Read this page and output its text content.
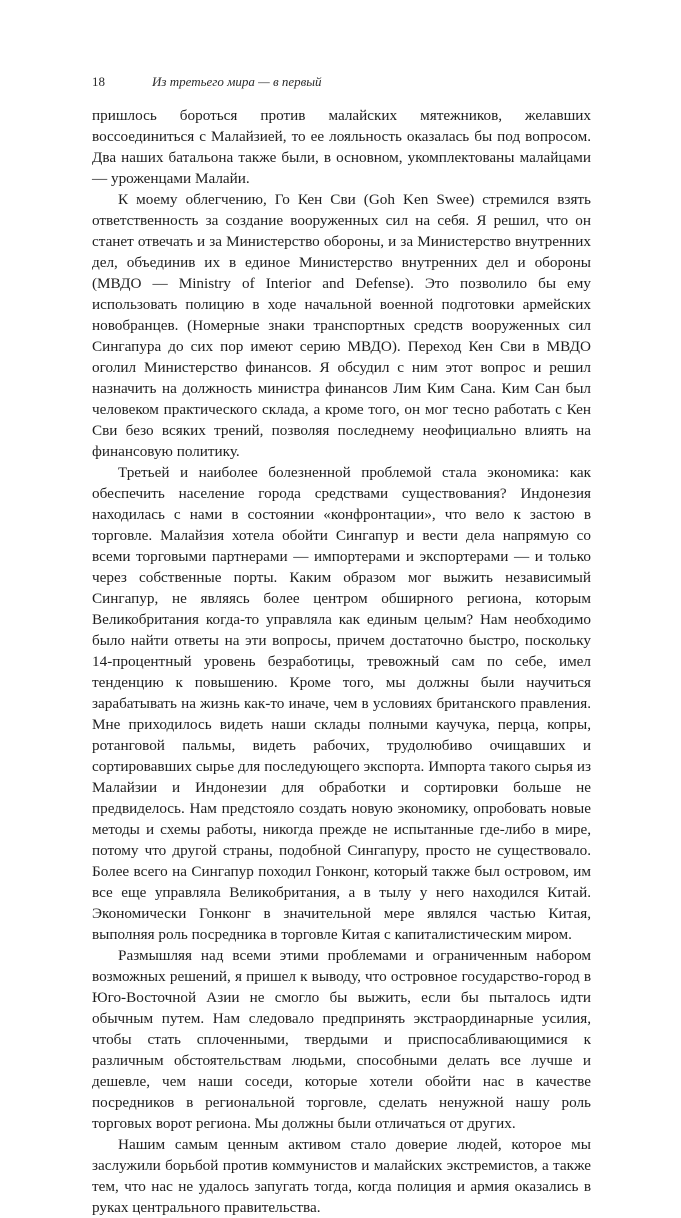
18	Из третьего мира — в первый

пришлось бороться против малайских мятежников, желавших воссоединиться с Малайзией, то ее лояльность оказалась бы под вопросом. Два наших батальона также были, в основном, укомплектованы малайцами — уроженцами Малайи.

К моему облегчению, Го Кен Сви (Goh Ken Swee) стремился взять ответственность за создание вооруженных сил на себя. Я решил, что он станет отвечать и за Министерство обороны, и за Министерство внутренних дел, объединив их в единое Министерство внутренних дел и обороны (МВДО — Ministry of Interior and Defense). Это позволило бы ему использовать полицию в ходе начальной военной подготовки армейских новобранцев. (Номерные знаки транспортных средств вооруженных сил Сингапура до сих пор имеют серию МВДО). Переход Кен Сви в МВДО оголил Министерство финансов. Я обсудил с ним этот вопрос и решил назначить на должность министра финансов Лим Ким Сана. Ким Сан был человеком практического склада, а кроме того, он мог тесно работать с Кен Сви безо всяких трений, позволяя последнему неофициально влиять на финансовую политику.

Третьей и наиболее болезненной проблемой стала экономика: как обеспечить население города средствами существования? Индонезия находилась с нами в состоянии «конфронтации», что вело к застою в торговле. Малайзия хотела обойти Сингапур и вести дела напрямую со всеми торговыми партнерами — импортерами и экспортерами — и только через собственные порты. Каким образом мог выжить независимый Сингапур, не являясь более центром обширного региона, которым Великобритания когда-то управляла как единым целым? Нам необходимо было найти ответы на эти вопросы, причем достаточно быстро, поскольку 14-процентный уровень безработицы, тревожный сам по себе, имел тенденцию к повышению. Кроме того, мы должны были научиться зарабатывать на жизнь как-то иначе, чем в условиях британского правления. Мне приходилось видеть наши склады полными каучука, перца, копры, ротанговой пальмы, видеть рабочих, трудолюбиво очищавших и сортировавших сырье для последующего экспорта. Импорта такого сырья из Малайзии и Индонезии для обработки и сортировки больше не предвиделось. Нам предстояло создать новую экономику, опробовать новые методы и схемы работы, никогда прежде не испытанные где-либо в мире, потому что другой страны, подобной Сингапуру, просто не существовало. Более всего на Сингапур походил Гонконг, который также был островом, им все еще управляла Великобритания, а в тылу у него находился Китай. Экономически Гонконг в значительной мере являлся частью Китая, выполняя роль посредника в торговле Китая с капиталистическим миром.

Размышляя над всеми этими проблемами и ограниченным набором возможных решений, я пришел к выводу, что островное государство-город в Юго-Восточной Азии не смогло бы выжить, если бы пыталось идти обычным путем. Нам следовало предпринять экстраординарные усилия, чтобы стать сплоченными, твердыми и приспосабливающимися к различным обстоятельствам людьми, способными делать все лучше и дешевле, чем наши соседи, которые хотели обойти нас в качестве посредников в региональной торговле, сделать ненужной нашу роль торговых ворот региона. Мы должны были отличаться от других.

Нашим самым ценным активом стало доверие людей, которое мы заслужили борьбой против коммунистов и малайских экстремистов, а также тем, что нас не удалось запугать тогда, когда полиция и армия оказались в руках центрального правительства.
